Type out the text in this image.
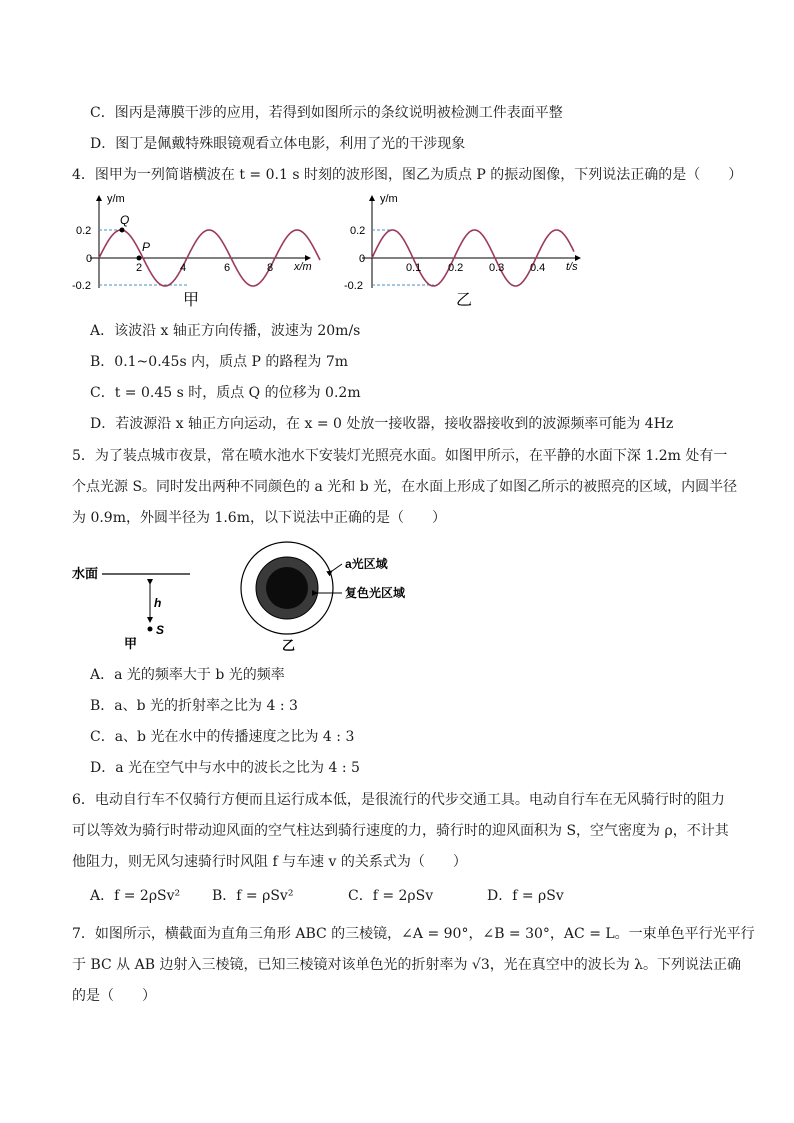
C．图丙是薄膜干涉的应用，若得到如图所示的条纹说明被检测工件表面平整
D．图丁是佩戴特殊眼镜观看立体电影，利用了光的干涉现象
4．图甲为一列简谐横波在 t = 0.1 s 时刻的波形图，图乙为质点 P 的振动图像，下列说法正确的是（　　）
y/m
x/m
0.2
0
-0.2
2	4	6	8
Q
P
甲
y/m
t/s
0.2
0
-0.2
0.1 0.2 0.3 0.4
乙
A．该波沿 x 轴正方向传播，波速为 20m/s
B．0.1~0.45s 内，质点 P 的路程为 7m
C．t = 0.45 s 时，质点 Q 的位移为 0.2m
D．若波源沿 x 轴正方向运动，在 x = 0 处放一接收器，接收器接收到的波源频率可能为 4Hz
5．为了装点城市夜景，常在喷水池水下安装灯光照亮水面。如图甲所示，在平静的水面下深 1.2m 处有一
个点光源 S。同时发出两种不同颜色的 a 光和 b 光，在水面上形成了如图乙所示的被照亮的区域，内圆半径
为 0.9m，外圆半径为 1.6m，以下说法中正确的是（　　）
水面
h
S
甲
a光区域
复色光区域
乙
A．a 光的频率大于 b 光的频率
B．a、b 光的折射率之比为 4 : 3
C．a、b 光在水中的传播速度之比为 4 : 3
D．a 光在空气中与水中的波长之比为 4 : 5
6．电动自行车不仅骑行方便而且运行成本低，是很流行的代步交通工具。电动自行车在无风骑行时的阻力
可以等效为骑行时带动迎风面的空气柱达到骑行速度的力，骑行时的迎风面积为 S，空气密度为 ρ，不计其
他阻力，则无风匀速骑行时风阻 f 与车速 v 的关系式为（　　）
A．f = 2ρSv² B．f = ρSv²	C．f = 2ρSv	D．f = ρSv
7．如图所示，横截面为直角三角形 ABC 的三棱镜，∠A = 90°，∠B = 30°，AC = L。一束单色平行光平行
于 BC 从 AB 边射入三棱镜，已知三棱镜对该单色光的折射率为 √3，光在真空中的波长为 λ。下列说法正确
的是（　　）
